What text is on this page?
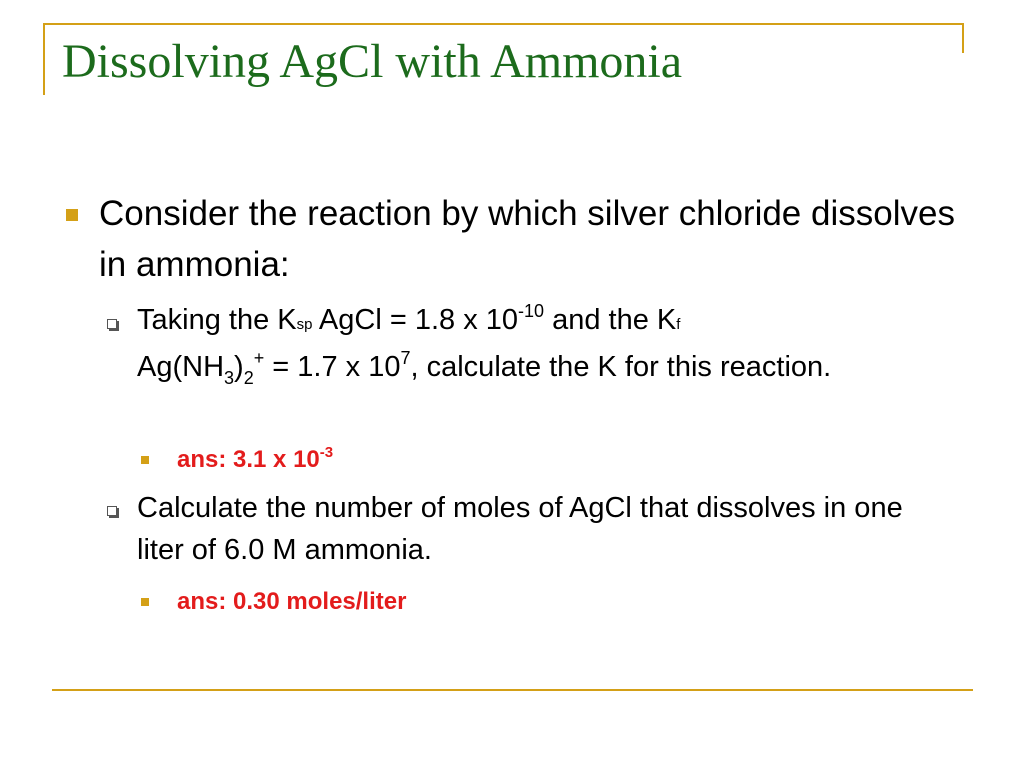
Dissolving AgCl with Ammonia
Consider the reaction by which silver chloride dissolves in ammonia:
Taking the Ksp AgCl = 1.8 x $10^{-10}$ and the Kf
$Ag(NH_3)_2^+ = 1.7$ x $10^7$, calculate the K for this reaction.
ans: 3.1 x $10^{-3}$
Calculate the number of moles of AgCl that dissolves in one liter of 6.0 M ammonia.
ans: 0.30 moles/liter
